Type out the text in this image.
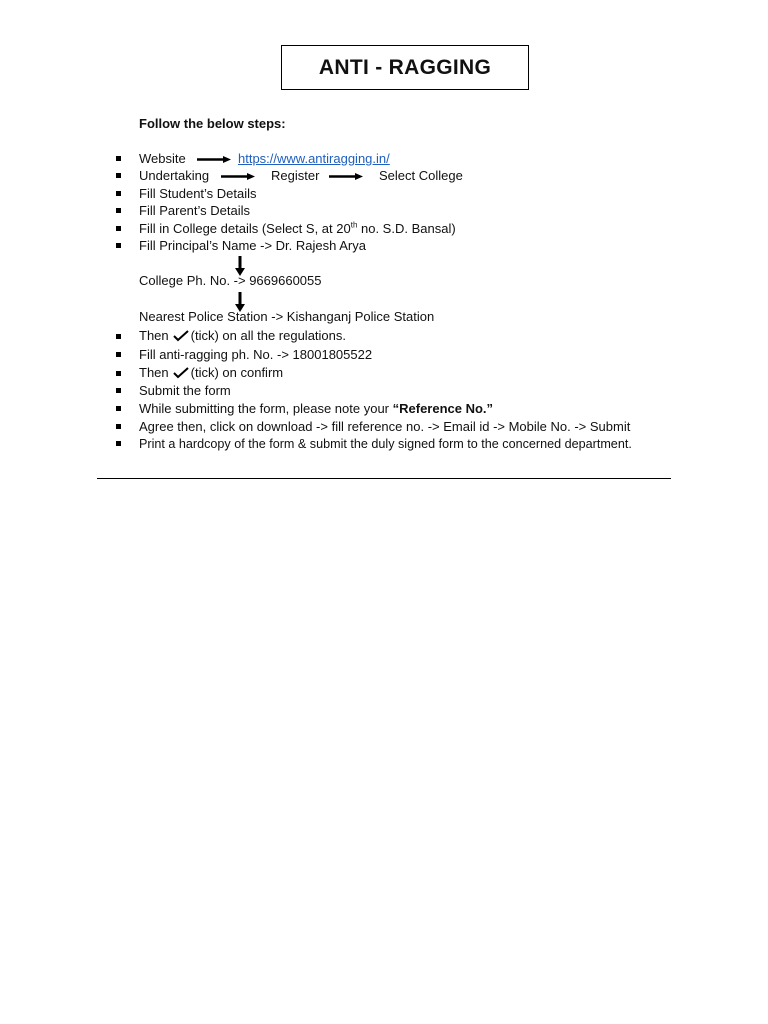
ANTI - RAGGING
Follow the below steps:
Website	https://www.antiragging.in/
Undertaking	Register	Select College
Fill Student’s Details
Fill Parent’s Details
Fill in College details (Select S, at 20th no. S.D. Bansal)
Fill Principal’s Name -> Dr. Rajesh Arya
College Ph. No. -> 9669660055
Nearest Police Station -> Kishanganj Police Station
Then (tick) on all the regulations.
Fill anti-ragging ph. No. -> 18001805522
Then (tick) on confirm
Submit the form
While submitting the form, please note your “Reference No.”
Agree then, click on download -> fill reference no. -> Email id -> Mobile No. -> Submit
Print a hardcopy of the form & submit the duly signed form to the concerned department.
